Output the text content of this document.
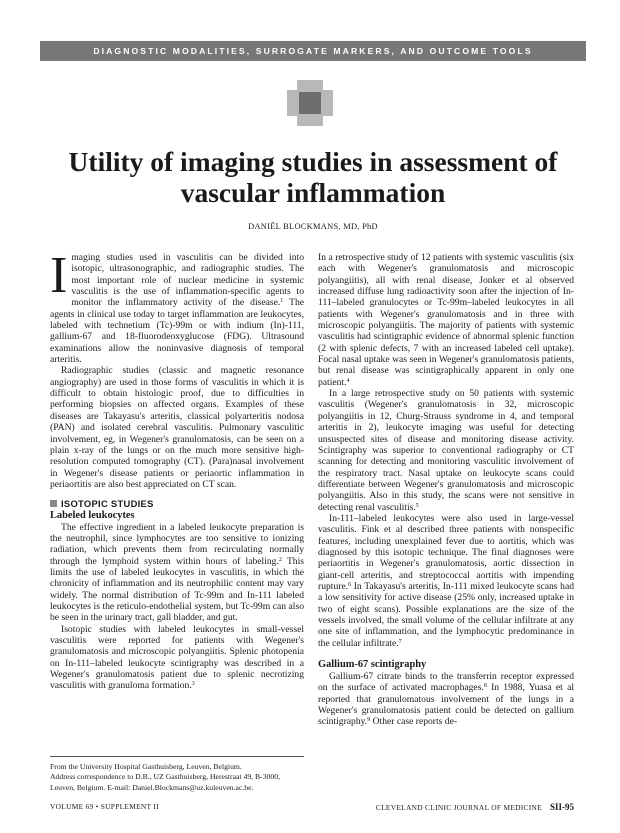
DIAGNOSTIC MODALITIES, SURROGATE MARKERS, AND OUTCOME TOOLS
Utility of imaging studies in assessment of vascular inflammation
DANIËL BLOCKMANS, MD, PhD

Imaging studies used in vasculitis can be divided into isotopic, ultrasonographic, and radiographic studies. The most important role of nuclear medicine in systemic vasculitis is the use of inflammation-specific agents to monitor the inflammatory activity of the disease.$^1$ The agents in clinical use today to target inflammation are leukocytes, labeled with technetium (Tc)-99m or with indium (In)-111, gallium-67 and 18-fluorodeoxyglucose (FDG). Ultrasound examinations allow the noninvasive diagnosis of temporal arteritis.

Radiographic studies (classic and magnetic resonance angiography) are used in those forms of vasculitis in which it is difficult to obtain histologic proof, due to difficulties in performing biopsies on affected organs. Examples of these diseases are Takayasu's arteritis, classical polyarteritis nodosa (PAN) and isolated cerebral vasculitis. Pulmonary vasculitic involvement, eg, in Wegener's granulomatosis, can be seen on a plain x-ray of the lungs or on the much more sensitive high-resolution computed tomography (CT). (Para)nasal involvement in Wegener's disease patients or periaortic inflammation in periaortitis are also best appreciated on CT scan.

ISOTOPIC STUDIES
Labeled leukocytes

The effective ingredient in a labeled leukocyte preparation is the neutrophil, since lymphocytes are too sensitive to ionizing radiation, which prevents them from recirculating normally through the lymphoid system within hours of labeling.$^2$ This limits the use of labeled leukocytes in vasculitis, in which the chronicity of inflammation and its neutrophilic content may vary widely. The normal distribution of Tc-99m and In-111 labeled leukocytes is the reticulo-endothelial system, but Tc-99m can also be seen in the urinary tract, gall bladder, and gut.

Isotopic studies with labeled leukocytes in small-vessel vasculitis were reported for patients with Wegener's granulomatosis and microscopic polyangiitis. Splenic photopenia on In-111–labeled leukocyte scintigraphy was described in a Wegener's granulomatosis patient due to splenic necrotizing vasculitis with granuloma formation.$^3$

In a retrospective study of 12 patients with systemic vasculitis (six each with Wegener's granulomatosis and microscopic polyangiitis), all with renal disease, Jonker et al observed increased diffuse lung radioactivity soon after the injection of In-111–labeled granulocytes or Tc-99m–labeled leukocytes in all patients with Wegener's granulomatosis and in three with microscopic polyangiitis. The majority of patients with systemic vasculitis had scintigraphic evidence of abnormal splenic function (2 with splenic defects, 7 with an increased labeled cell uptake). Focal nasal uptake was seen in Wegener's granulomatosis patients, but renal disease was scintigraphically apparent in only one patient.$^4$

In a large retrospective study on 50 patients with systemic vasculitis (Wegener's granulomatosis in 32, microscopic polyangiitis in 12, Churg-Strauss syndrome in 4, and temporal arteritis in 2), leukocyte imaging was useful for detecting unsuspected sites of disease and monitoring disease activity. Scintigraphy was superior to conventional radiography or CT scanning for detecting and monitoring vasculitic involvement of the respiratory tract. Nasal uptake on leukocyte scans could differentiate between Wegener's granulomatosis and microscopic polyangiitis. Also in this study, the scans were not sensitive in detecting renal vasculitis.$^5$

In-111–labeled leukocytes were also used in large-vessel vasculitis. Fink et al described three patients with nonspecific features, including unexplained fever due to aortitis, which was diagnosed by this isotopic technique. The final diagnoses were periaortitis in Wegener's granulomatosis, aortic dissection in giant-cell arteritis, and streptococcal aortitis with impending rupture.$^6$ In Takayasu's arteritis, In-111 mixed leukocyte scans had a low sensitivity for active disease (25% only, increased uptake in two of eight scans). Possible explanations are the size of the vessels involved, the small volume of the cellular infiltrate at any one site of inflammation, and the lymphocytic predominance in the cellular infiltrate.$^7$

Gallium-67 scintigraphy

Gallium-67 citrate binds to the transferrin receptor expressed on the surface of activated macrophages.$^8$ In 1988, Yuasa et al reported that granulomatous involvement of the lungs in a Wegener's granulomatosis patient could be detected on gallium scintigraphy.$^9$ Other case reports de-

From the University Hospital Gasthuisberg, Leuven, Belgium.

Address correspondence to D.B., UZ Gasthuisberg, Herestraat 49, B-3000, Leuven, Belgium. E-mail: Daniel.Blockmans@uz.kuleuven.ac.be.

VOLUME 69 • SUPPLEMENT II	CLEVELAND CLINIC JOURNAL OF MEDICINE SII-95
